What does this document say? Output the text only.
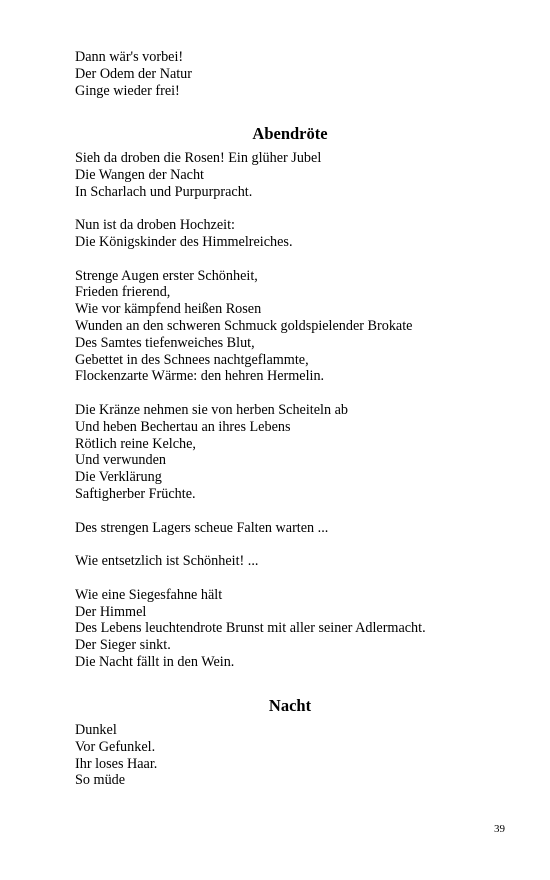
Dann wär's vorbei!
Der Odem der Natur
Ginge wieder frei!
Abendröte
Sieh da droben die Rosen! Ein glüher Jubel
Die Wangen der Nacht
In Scharlach und Purpurpracht.
Nun ist da droben Hochzeit:
Die Königskinder des Himmelreiches.
Strenge Augen erster Schönheit,
Frieden frierend,
Wie vor kämpfend heißen Rosen
Wunden an den schweren Schmuck goldspielender Brokate
Des Samtes tiefenweiches Blut,
Gebettet in des Schnees nachtgeflammte,
Flockenzarte Wärme: den hehren Hermelin.
Die Kränze nehmen sie von herben Scheiteln ab
Und heben Bechertau an ihres Lebens
Rötlich reine Kelche,
Und verwunden
Die Verklärung
Saftigherber Früchte.
Des strengen Lagers scheue Falten warten ...
Wie entsetzlich ist Schönheit! ...
Wie eine Siegesfahne hält
Der Himmel
Des Lebens leuchtendrote Brunst mit aller seiner Adlermacht.
Der Sieger sinkt.
Die Nacht fällt in den Wein.
Nacht
Dunkel
Vor Gefunkel.
Ihr loses Haar.
So müde
39
